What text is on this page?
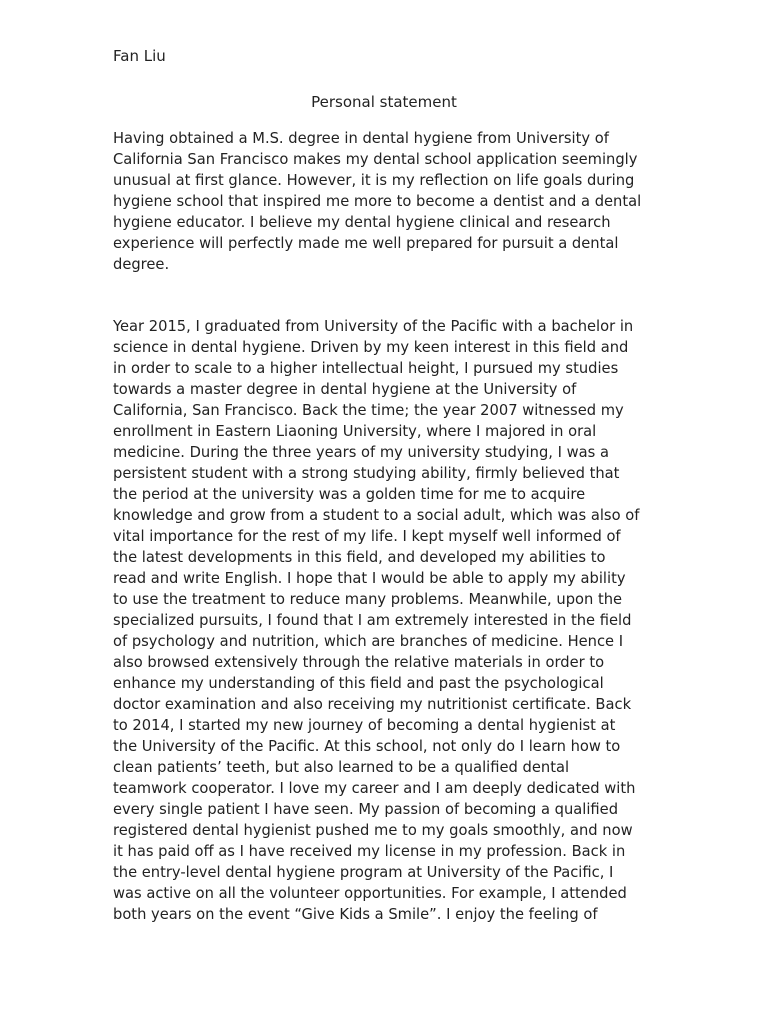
Fan Liu
Personal statement
Having obtained a M.S. degree in dental hygiene from University of
California San Francisco makes my dental school application seemingly
unusual at first glance. However, it is my reflection on life goals during
hygiene school that inspired me more to become a dentist and a dental
hygiene educator. I believe my dental hygiene clinical and research
experience will perfectly made me well prepared for pursuit a dental
degree.
Year 2015, I graduated from University of the Pacific with a bachelor in
science in dental hygiene. Driven by my keen interest in this field and
in order to scale to a higher intellectual height, I pursued my studies
towards a master degree in dental hygiene at the University of
California, San Francisco. Back the time; the year 2007 witnessed my
enrollment in Eastern Liaoning University, where I majored in oral
medicine. During the three years of my university studying, I was a
persistent student with a strong studying ability, firmly believed that
the period at the university was a golden time for me to acquire
knowledge and grow from a student to a social adult, which was also of
vital importance for the rest of my life. I kept myself well informed of
the latest developments in this field, and developed my abilities to
read and write English. I hope that I would be able to apply my ability
to use the treatment to reduce many problems. Meanwhile, upon the
specialized pursuits, I found that I am extremely interested in the field
of psychology and nutrition, which are branches of medicine. Hence I
also browsed extensively through the relative materials in order to
enhance my understanding of this field and past the psychological
doctor examination and also receiving my nutritionist certificate. Back
to 2014, I started my new journey of becoming a dental hygienist at
the University of the Pacific. At this school, not only do I learn how to
clean patients’ teeth, but also learned to be a qualified dental
teamwork cooperator. I love my career and I am deeply dedicated with
every single patient I have seen. My passion of becoming a qualified
registered dental hygienist pushed me to my goals smoothly, and now
it has paid off as I have received my license in my profession. Back in
the entry-level dental hygiene program at University of the Pacific, I
was active on all the volunteer opportunities. For example, I attended
both years on the event “Give Kids a Smile”. I enjoy the feeling of
